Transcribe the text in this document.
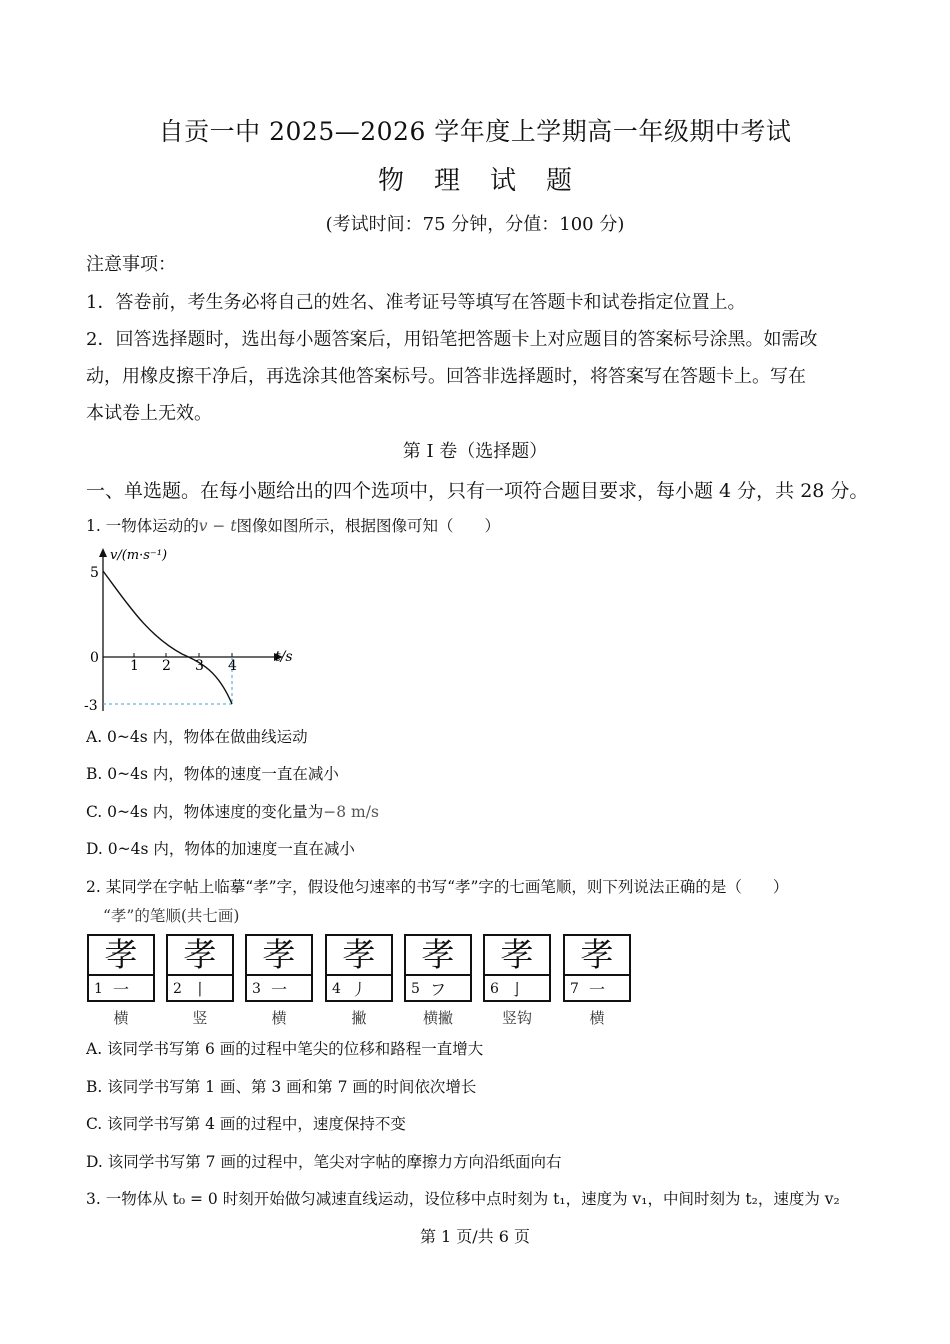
自贡一中 2025—2026 学年度上学期高一年级期中考试
物 理 试 题
(考试时间：75 分钟，分值：100 分)
注意事项：
1．答卷前，考生务必将自己的姓名、准考证号等填写在答题卡和试卷指定位置上。
2．回答选择题时，选出每小题答案后，用铅笔把答题卡上对应题目的答案标号涂黑。如需改
动，用橡皮擦干净后，再选涂其他答案标号。回答非选择题时，将答案写在答题卡上。写在
本试卷上无效。
第 I 卷（选择题）
一、单选题。在每小题给出的四个选项中，只有一项符合题目要求，每小题 4 分，共 28 分。
1. 一物体运动的v − t图像如图所示，根据图像可知（　　）
v/(m·s⁻¹)
t/s
5
0
-3
1 2 3 4
A. 0~4s 内，物体在做曲线运动
B. 0~4s 内，物体的速度一直在减小
C. 0~4s 内，物体速度的变化量为−8 m/s
D. 0~4s 内，物体的加速度一直在减小
2. 某同学在字帖上临摹“孝”字，假设他匀速率的书写“孝”字的七画笔顺，则下列说法正确的是（　　）
“孝”的笔顺(共七画)
孝
1 一
孝
2 丨
孝
3 一
孝
4 丿
孝
5 フ
孝
6 亅
孝
7 一
横	竖	横	撇	横撇	竖钩	横
A. 该同学书写第 6 画的过程中笔尖的位移和路程一直增大
B. 该同学书写第 1 画、第 3 画和第 7 画的时间依次增长
C. 该同学书写第 4 画的过程中，速度保持不变
D. 该同学书写第 7 画的过程中，笔尖对字帖的摩擦力方向沿纸面向右
3. 一物体从 t₀ = 0 时刻开始做匀减速直线运动，设位移中点时刻为 t₁，速度为 v₁，中间时刻为 t₂，速度为 v₂
第 1 页/共 6 页
